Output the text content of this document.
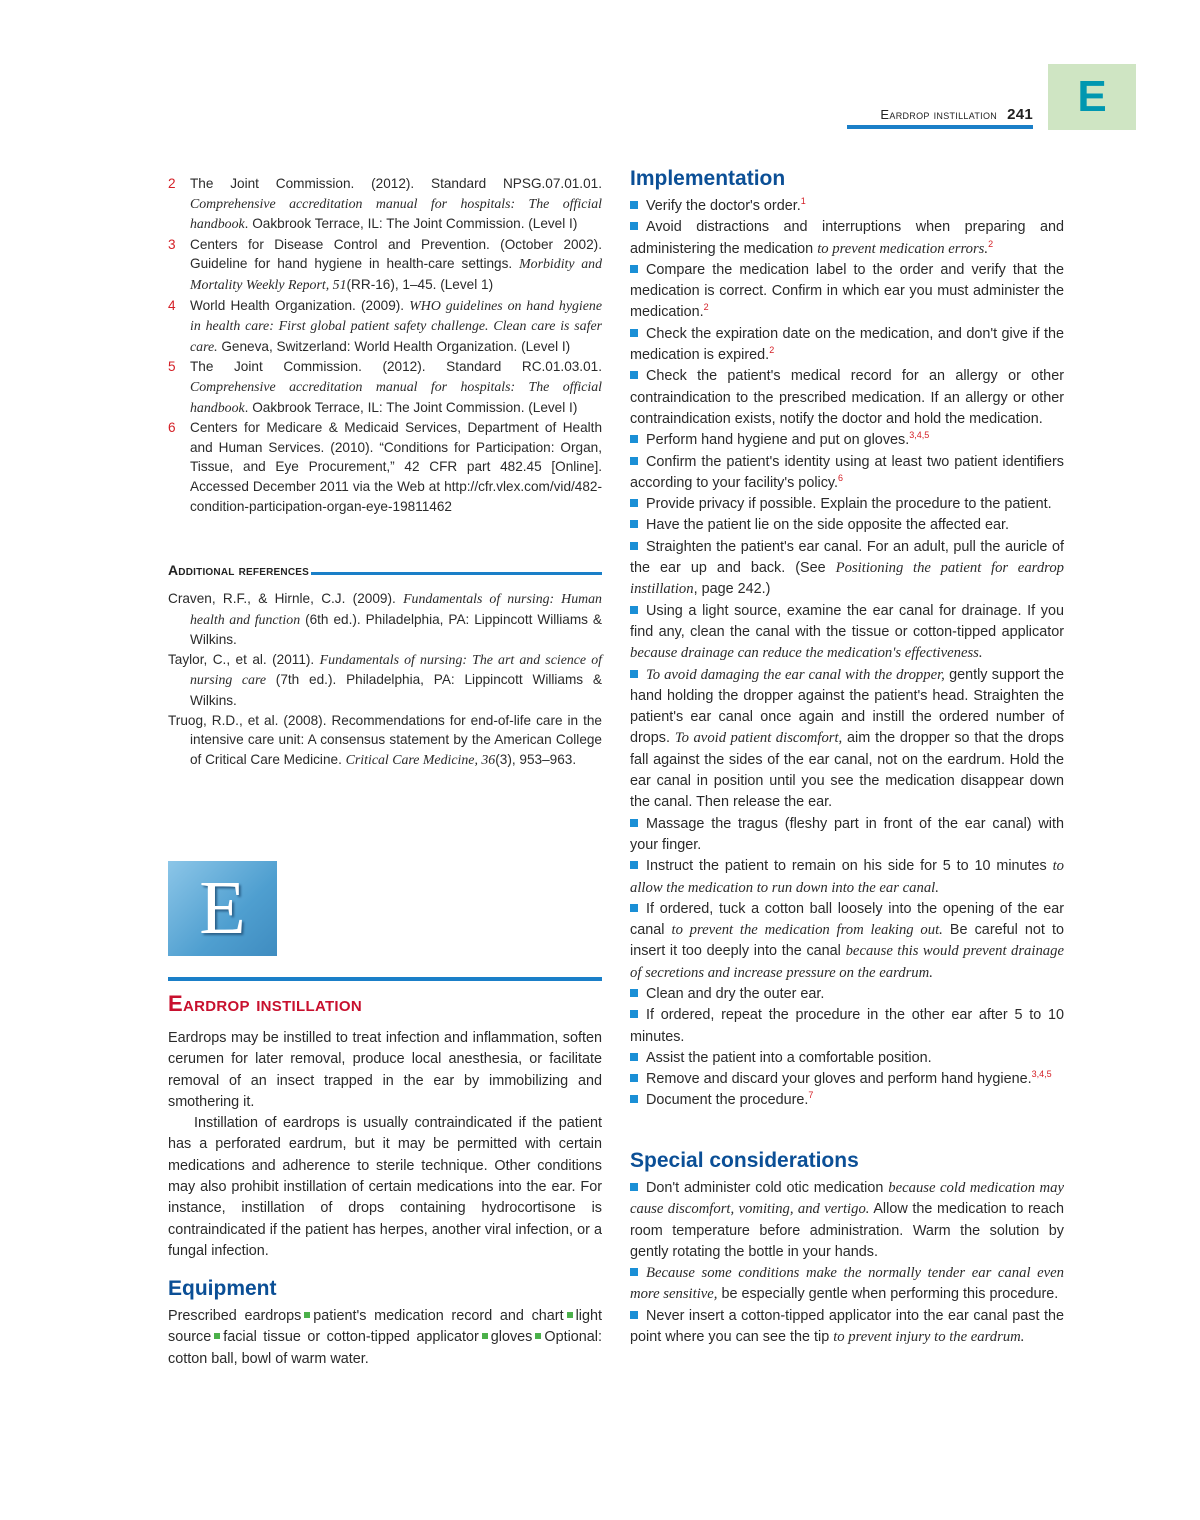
Eardrop instillation 241	E
2	The Joint Commission. (2012). Standard NPSG.07.01.01. Comprehensive accreditation manual for hospitals: The official handbook. Oakbrook Terrace, IL: The Joint Commission. (Level I)
3	Centers for Disease Control and Prevention. (October 2002). Guideline for hand hygiene in health-care settings. Morbidity and Mortality Weekly Report, 51(RR-16), 1–45. (Level 1)
4	World Health Organization. (2009). WHO guidelines on hand hygiene in health care: First global patient safety challenge. Clean care is safer care. Geneva, Switzerland: World Health Organization. (Level I)
5	The Joint Commission. (2012). Standard RC.01.03.01. Comprehensive accreditation manual for hospitals: The official handbook. Oakbrook Terrace, IL: The Joint Commission. (Level I)
6	Centers for Medicare & Medicaid Services, Department of Health and Human Services. (2010). “Conditions for Participation: Organ, Tissue, and Eye Procurement,” 42 CFR part 482.45 [Online]. Accessed December 2011 via the Web at http://cfr.vlex.com/vid/482-condition-participation-organ-eye-19811462
Additional references
Craven, R.F., & Hirnle, C.J. (2009). Fundamentals of nursing: Human health and function (6th ed.). Philadelphia, PA: Lippincott Williams & Wilkins.
Taylor, C., et al. (2011). Fundamentals of nursing: The art and science of nursing care (7th ed.). Philadelphia, PA: Lippincott Williams & Wilkins.
Truog, R.D., et al. (2008). Recommendations for end-of-life care in the intensive care unit: A consensus statement by the American College of Critical Care Medicine. Critical Care Medicine, 36(3), 953–963.
E
Eardrop instillation

Eardrops may be instilled to treat infection and inflammation, soften cerumen for later removal, produce local anesthesia, or facilitate removal of an insect trapped in the ear by immobilizing and smothering it.

Instillation of eardrops is usually contraindicated if the patient has a perforated eardrum, but it may be permitted with certain medications and adherence to sterile technique. Other conditions may also prohibit instillation of certain medications into the ear. For instance, instillation of drops containing hydrocortisone is contraindicated if the patient has herpes, another viral infection, or a fungal infection.

Equipment
Prescribed eardrops patient's medication record and chart light source facial tissue or cotton-tipped applicator gloves Optional: cotton ball, bowl of warm water.
Implementation
Verify the doctor's order.$^1$
Avoid distractions and interruptions when preparing and administering the medication to prevent medication errors.$^2$
Compare the medication label to the order and verify that the medication is correct. Confirm in which ear you must administer the medication.$^2$
Check the expiration date on the medication, and don't give if the medication is expired.$^2$
Check the patient's medical record for an allergy or other contraindication to the prescribed medication. If an allergy or other contraindication exists, notify the doctor and hold the medication.
Perform hand hygiene and put on gloves.$^{3,4,5}$
Confirm the patient's identity using at least two patient identifiers according to your facility's policy.$^6$
Provide privacy if possible. Explain the procedure to the patient.
Have the patient lie on the side opposite the affected ear.
Straighten the patient's ear canal. For an adult, pull the auricle of the ear up and back. (See Positioning the patient for eardrop instillation, page 242.)
Using a light source, examine the ear canal for drainage. If you find any, clean the canal with the tissue or cotton-tipped applicator because drainage can reduce the medication's effectiveness.
To avoid damaging the ear canal with the dropper, gently support the hand holding the dropper against the patient's head. Straighten the patient's ear canal once again and instill the ordered number of drops. To avoid patient discomfort, aim the dropper so that the drops fall against the sides of the ear canal, not on the eardrum. Hold the ear canal in position until you see the medication disappear down the canal. Then release the ear.
Massage the tragus (fleshy part in front of the ear canal) with your finger.
Instruct the patient to remain on his side for 5 to 10 minutes to allow the medication to run down into the ear canal.
If ordered, tuck a cotton ball loosely into the opening of the ear canal to prevent the medication from leaking out. Be careful not to insert it too deeply into the canal because this would prevent drainage of secretions and increase pressure on the eardrum.
Clean and dry the outer ear.
If ordered, repeat the procedure in the other ear after 5 to 10 minutes.
Assist the patient into a comfortable position.
Remove and discard your gloves and perform hand hygiene.$^{3,4,5}$
Document the procedure.$^7$
Special considerations
Don't administer cold otic medication because cold medication may cause discomfort, vomiting, and vertigo. Allow the medication to reach room temperature before administration. Warm the solution by gently rotating the bottle in your hands.
Because some conditions make the normally tender ear canal even more sensitive, be especially gentle when performing this procedure.
Never insert a cotton-tipped applicator into the ear canal past the point where you can see the tip to prevent injury to the eardrum.
